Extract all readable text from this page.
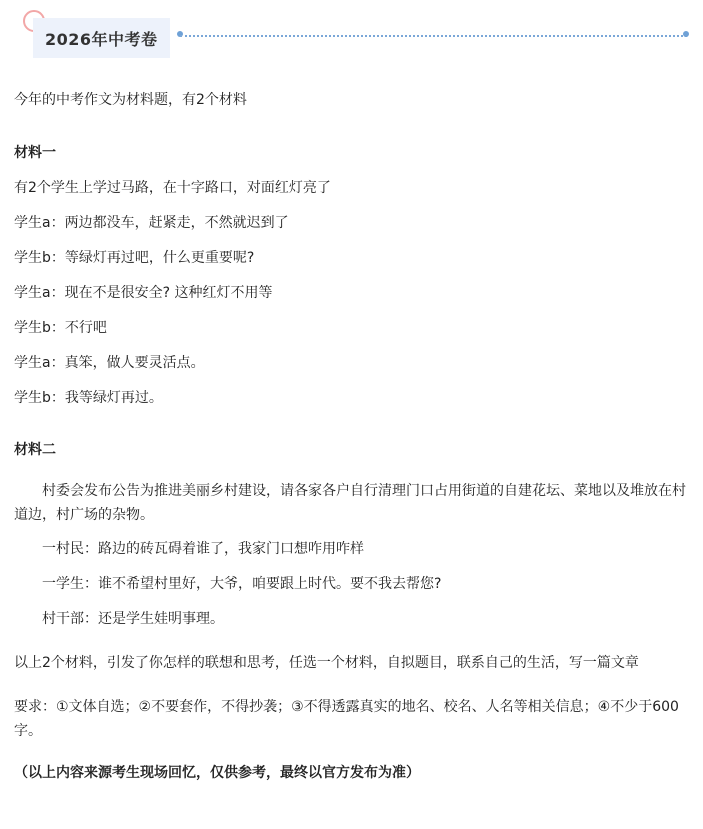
2026年中考卷

今年的中考作文为材料题，有2个材料

材料一

有2个学生上学过马路，在十字路口，对面红灯亮了

学生a：两边都没车，赶紧走，不然就迟到了

学生b：等绿灯再过吧，什么更重要呢?

学生a：现在不是很安全? 这种红灯不用等

学生b：不行吧

学生a：真笨，做人要灵活点。

学生b：我等绿灯再过。

材料二

村委会发布公告为推进美丽乡村建设，请各家各户自行清理门口占用街道的自建花坛、菜地以及堆放在村道边，村广场的杂物。

一村民：路边的砖瓦碍着谁了，我家门口想咋用咋样

一学生：谁不希望村里好，大爷，咱要跟上时代。要不我去帮您?

村干部：还是学生娃明事理。

以上2个材料，引发了你怎样的联想和思考，任选一个材料，自拟题目，联系自己的生活，写一篇文章

要求：①文体自选；②不要套作，不得抄袭；③不得透露真实的地名、校名、人名等相关信息；④不少于600字。

（以上内容来源考生现场回忆，仅供参考，最终以官方发布为准）
